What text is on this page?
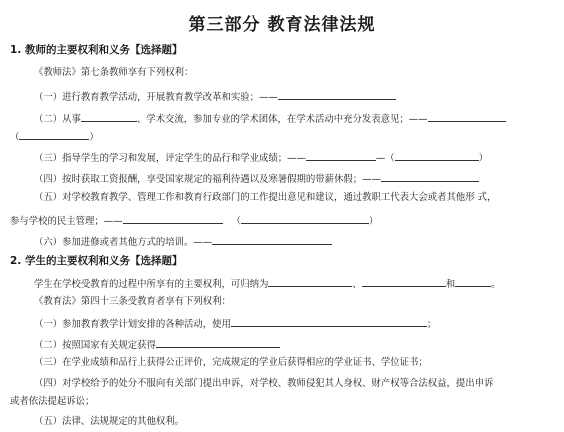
第三部分 教育法律法规
1. 教师的主要权利和义务【选择题】
《教师法》第七条教师享有下列权利：
（一）进行教育教学活动，开展教育教学改革和实验；——
（二）从事	、学术交流，参加专业的学术团体，在学术活动中充分发表意见；——
（	）
（三）指导学生的学习和发展，评定学生的品行和学业成绩；——	—（	）
（四）按时获取工资报酬，享受国家规定的福利待遇以及寒暑假期的带薪休假；——
（五）对学校教育教学、管理工作和教育行政部门的工作提出意见和建议，通过教职工代表大会或者其他形 式，
参与学校的民主管理；——	（	）
（六）参加进修或者其他方式的培训。——
2. 学生的主要权利和义务【选择题】
学生在学校受教育的过程中所享有的主要权利，可归纳为	、	和	。
《教育法》第四十三条受教育者享有下列权利：
（一）参加教育教学计划安排的各种活动，使用	；
（二）按照国家有关规定获得
（三）在学业成绩和品行上获得公正评价，完成规定的学业后获得相应的学业证书、学位证书；
（四）对学校给予的处分不服向有关部门提出申诉，对学校、教师侵犯其人身权、财产权等合法权益，提出申诉
或者依法提起诉讼；
（五）法律、法规规定的其他权利。
